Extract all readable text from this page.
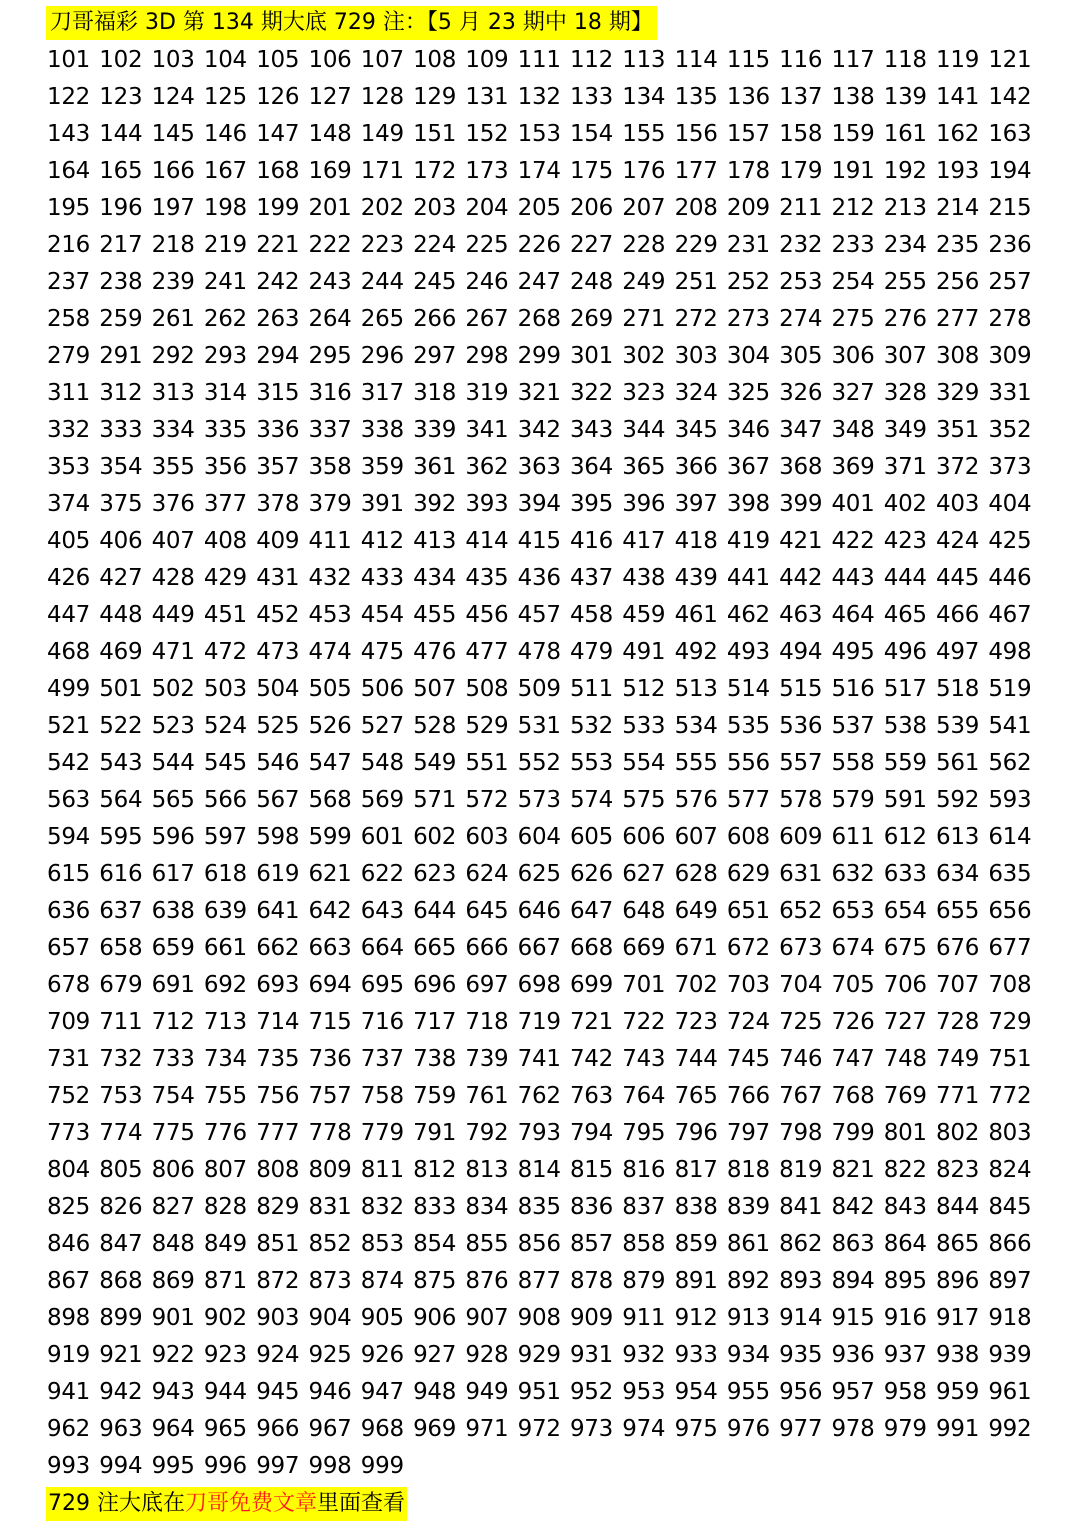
刀哥福彩 3D 第 134 期大底 729 注：【5 月 23 期中 18 期】
101 102 103 104 105 106 107 108 109 111 112 113 114 115 116 117 118 119 121
122 123 124 125 126 127 128 129 131 132 133 134 135 136 137 138 139 141 142
143 144 145 146 147 148 149 151 152 153 154 155 156 157 158 159 161 162 163
164 165 166 167 168 169 171 172 173 174 175 176 177 178 179 191 192 193 194
195 196 197 198 199 201 202 203 204 205 206 207 208 209 211 212 213 214 215
216 217 218 219 221 222 223 224 225 226 227 228 229 231 232 233 234 235 236
237 238 239 241 242 243 244 245 246 247 248 249 251 252 253 254 255 256 257
258 259 261 262 263 264 265 266 267 268 269 271 272 273 274 275 276 277 278
279 291 292 293 294 295 296 297 298 299 301 302 303 304 305 306 307 308 309
311 312 313 314 315 316 317 318 319 321 322 323 324 325 326 327 328 329 331
332 333 334 335 336 337 338 339 341 342 343 344 345 346 347 348 349 351 352
353 354 355 356 357 358 359 361 362 363 364 365 366 367 368 369 371 372 373
374 375 376 377 378 379 391 392 393 394 395 396 397 398 399 401 402 403 404
405 406 407 408 409 411 412 413 414 415 416 417 418 419 421 422 423 424 425
426 427 428 429 431 432 433 434 435 436 437 438 439 441 442 443 444 445 446
447 448 449 451 452 453 454 455 456 457 458 459 461 462 463 464 465 466 467
468 469 471 472 473 474 475 476 477 478 479 491 492 493 494 495 496 497 498
499 501 502 503 504 505 506 507 508 509 511 512 513 514 515 516 517 518 519
521 522 523 524 525 526 527 528 529 531 532 533 534 535 536 537 538 539 541
542 543 544 545 546 547 548 549 551 552 553 554 555 556 557 558 559 561 562
563 564 565 566 567 568 569 571 572 573 574 575 576 577 578 579 591 592 593
594 595 596 597 598 599 601 602 603 604 605 606 607 608 609 611 612 613 614
615 616 617 618 619 621 622 623 624 625 626 627 628 629 631 632 633 634 635
636 637 638 639 641 642 643 644 645 646 647 648 649 651 652 653 654 655 656
657 658 659 661 662 663 664 665 666 667 668 669 671 672 673 674 675 676 677
678 679 691 692 693 694 695 696 697 698 699 701 702 703 704 705 706 707 708
709 711 712 713 714 715 716 717 718 719 721 722 723 724 725 726 727 728 729
731 732 733 734 735 736 737 738 739 741 742 743 744 745 746 747 748 749 751
752 753 754 755 756 757 758 759 761 762 763 764 765 766 767 768 769 771 772
773 774 775 776 777 778 779 791 792 793 794 795 796 797 798 799 801 802 803
804 805 806 807 808 809 811 812 813 814 815 816 817 818 819 821 822 823 824
825 826 827 828 829 831 832 833 834 835 836 837 838 839 841 842 843 844 845
846 847 848 849 851 852 853 854 855 856 857 858 859 861 862 863 864 865 866
867 868 869 871 872 873 874 875 876 877 878 879 891 892 893 894 895 896 897
898 899 901 902 903 904 905 906 907 908 909 911 912 913 914 915 916 917 918
919 921 922 923 924 925 926 927 928 929 931 932 933 934 935 936 937 938 939
941 942 943 944 945 946 947 948 949 951 952 953 954 955 956 957 958 959 961
962 963 964 965 966 967 968 969 971 972 973 974 975 976 977 978 979 991 992
993 994 995 996 997 998 999
729 注大底在刀哥免费文章里面查看
